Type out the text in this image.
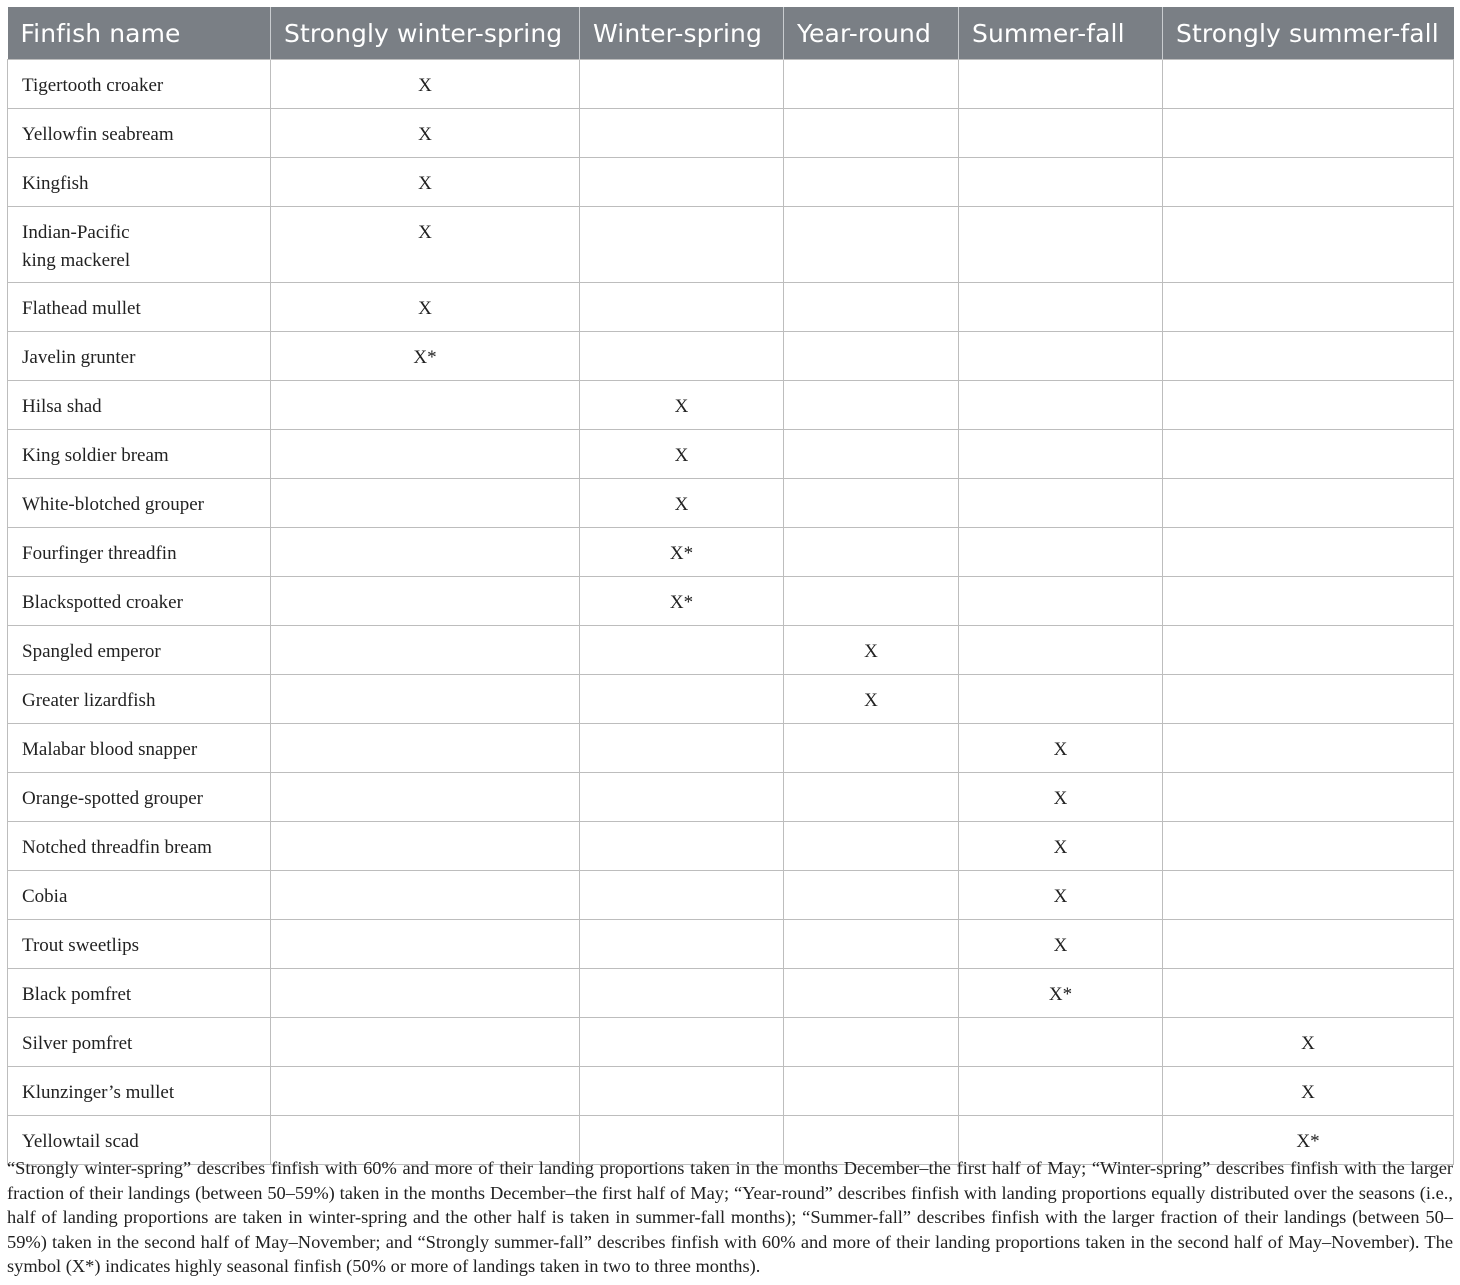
Finfish name	Strongly winter-spring	Winter-spring	Year-round	Summer-fall	Strongly summer-fall
Tigertooth croaker	X				
Yellowfin seabream	X				
Kingfish	X				
Indian-Pacific king mackerel	X				
Flathead mullet	X				
Javelin grunter	X*				
Hilsa shad		X			
King soldier bream		X			
White-blotched grouper		X			
Fourfinger threadfin		X*			
Blackspotted croaker		X*			
Spangled emperor			X		
Greater lizardfish			X		
Malabar blood snapper				X	
Orange-spotted grouper				X	
Notched threadfin bream				X	
Cobia				X	
Trout sweetlips				X	
Black pomfret				X*	
Silver pomfret					X
Klunzinger’s mullet					X
Yellowtail scad					X*

“Strongly winter-spring” describes finfish with 60% and more of their landing proportions taken in the months December–the first half of May; “Winter-spring” describes finfish with the larger fraction of their landings (between 50–59%) taken in the months December–the first half of May; “Year-round” describes finfish with landing proportions equally distributed over the seasons (i.e., half of landing proportions are taken in winter-spring and the other half is taken in summer-fall months); “Summer-fall” describes finfish with the larger fraction of their landings (between 50–59%) taken in the second half of May–November; and “Strongly summer-fall” describes finfish with 60% and more of their landing proportions taken in the second half of May–November). The symbol (X*) indicates highly seasonal finfish (50% or more of landings taken in two to three months).
